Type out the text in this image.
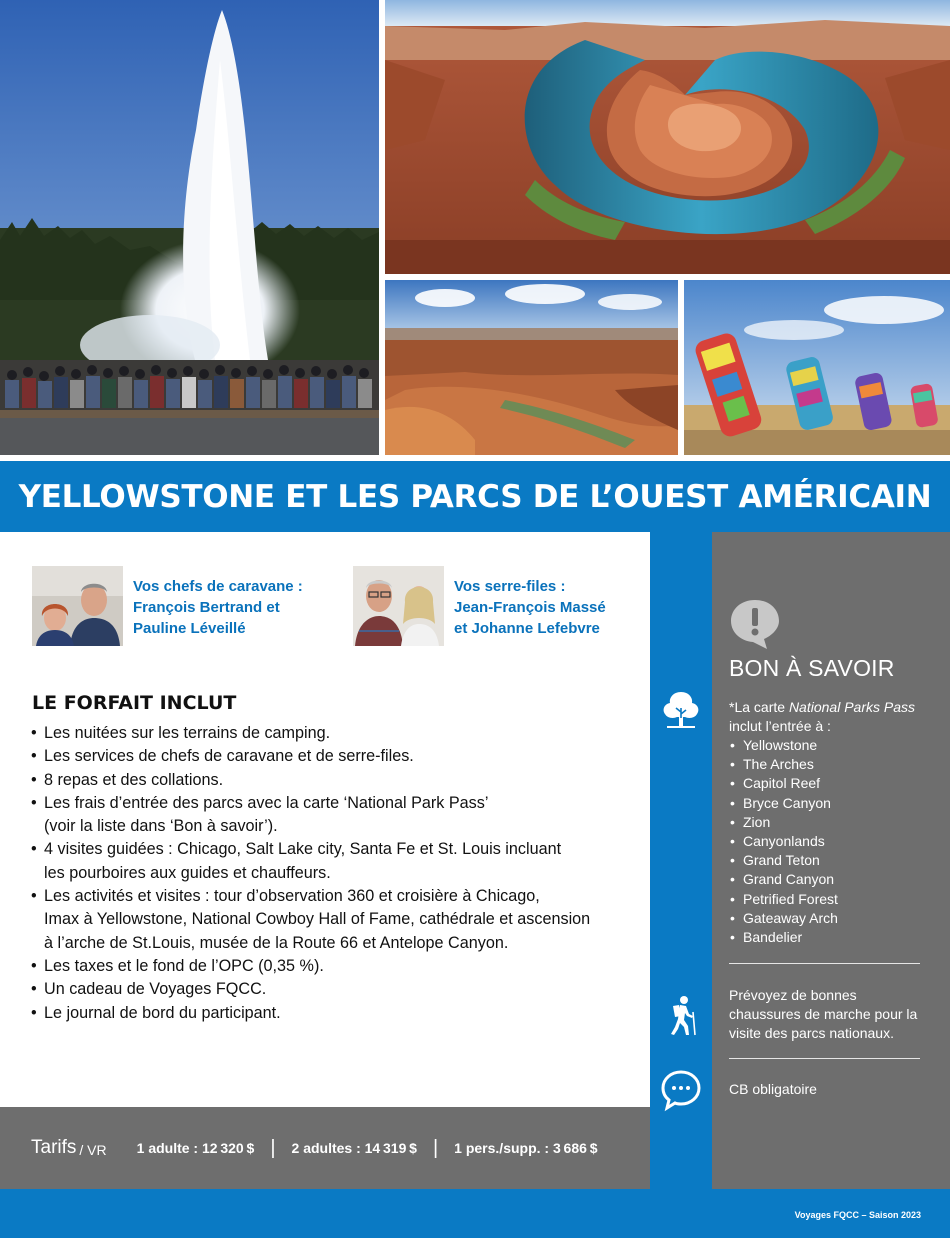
YELLOWSTONE ET LES PARCS DE L’OUEST AMÉRICAIN
Vos chefs de caravane :
François Bertrand et
Pauline Léveillé
Vos serre-files :
Jean-François Massé
et Johanne Lefebvre
LE FORFAIT INCLUT
• Les nuitées sur les terrains de camping.
• Les services de chefs de caravane et de serre-files.
• 8 repas et des collations.
• Les frais d’entrée des parcs avec la carte ‘National Park Pass’
(voir la liste dans ‘Bon à savoir’).
• 4 visites guidées : Chicago, Salt Lake city, Santa Fe et St. Louis incluant
les pourboires aux guides et chauffeurs.
• Les activités et visites : tour d’observation 360 et croisière à Chicago,
Imax à Yellowstone, National Cowboy Hall of Fame, cathédrale et ascension
à l’arche de St.Louis, musée de la Route 66 et Antelope Canyon.
• Les taxes et le fond de l’OPC (0,35 %).
• Un cadeau de Voyages FQCC.
• Le journal de bord du participant.
Tarifs / VR 1 adulte : 12 320 $ | 2 adultes : 14 319 $ | 1 pers./supp. : 3 686 $
BON À SAVOIR
*La carte National Parks Pass
inclut l’entrée à :
• Yellowstone
• The Arches
• Capitol Reef
• Bryce Canyon
• Zion
• Canyonlands
• Grand Teton
• Grand Canyon
• Petrified Forest
• Gateaway Arch
• Bandelier
Prévoyez de bonnes chaussures de marche pour la visite des parcs nationaux.
CB obligatoire
Voyages FQCC – Saison 2023
